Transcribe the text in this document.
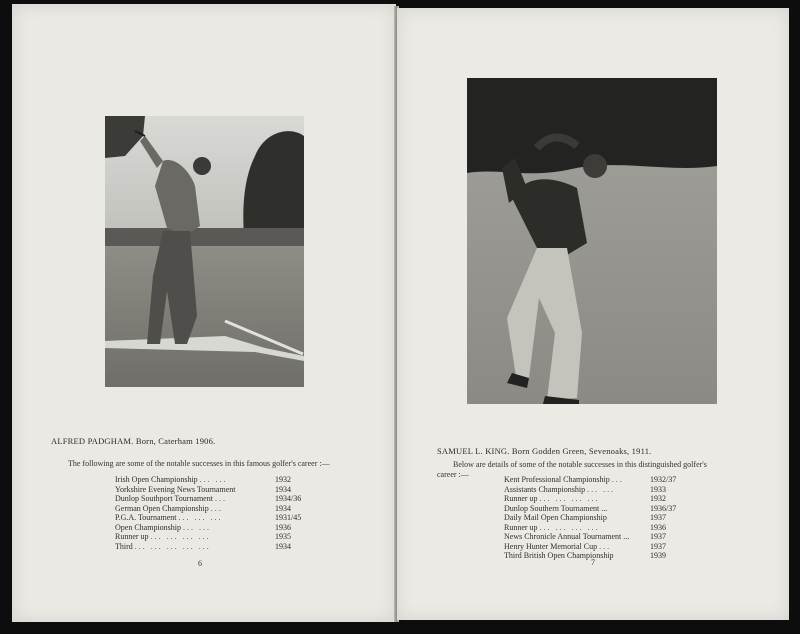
ALFRED PADGHAM. Born, Caterham 1906.
The following are some of the notable successes in this famous golfer's career :—
Irish Open Championship ... ...	1932
Yorkshire Evening News Tournament	1934
Dunlop Southport Tournament ...	1934/36
German Open Championship ...	1934
P.G.A. Tournament ... ... ...	1931/45
Open Championship ... ...	1936
Runner up ... ... ... ...	1935
Third ... ... ... ... ...	1934
6
SAMUEL L. KING. Born Godden Green, Sevenoaks, 1911.
Below are details of some of the notable successes in this distinguished golfer's
career :—
Kent Professional Championship ...	1932/37
Assistants Championship ... ...	1933
Runner up ... ... ... ...	1932
Dunlop Southern Tournament ...	1936/37
Daily Mail Open Championship	1937
Runner up ... ... ... ...	1936
News Chronicle Annual Tournament ...	1937
Henry Hunter Memorial Cup ...	1937
Third British Open Championship	1939
7
